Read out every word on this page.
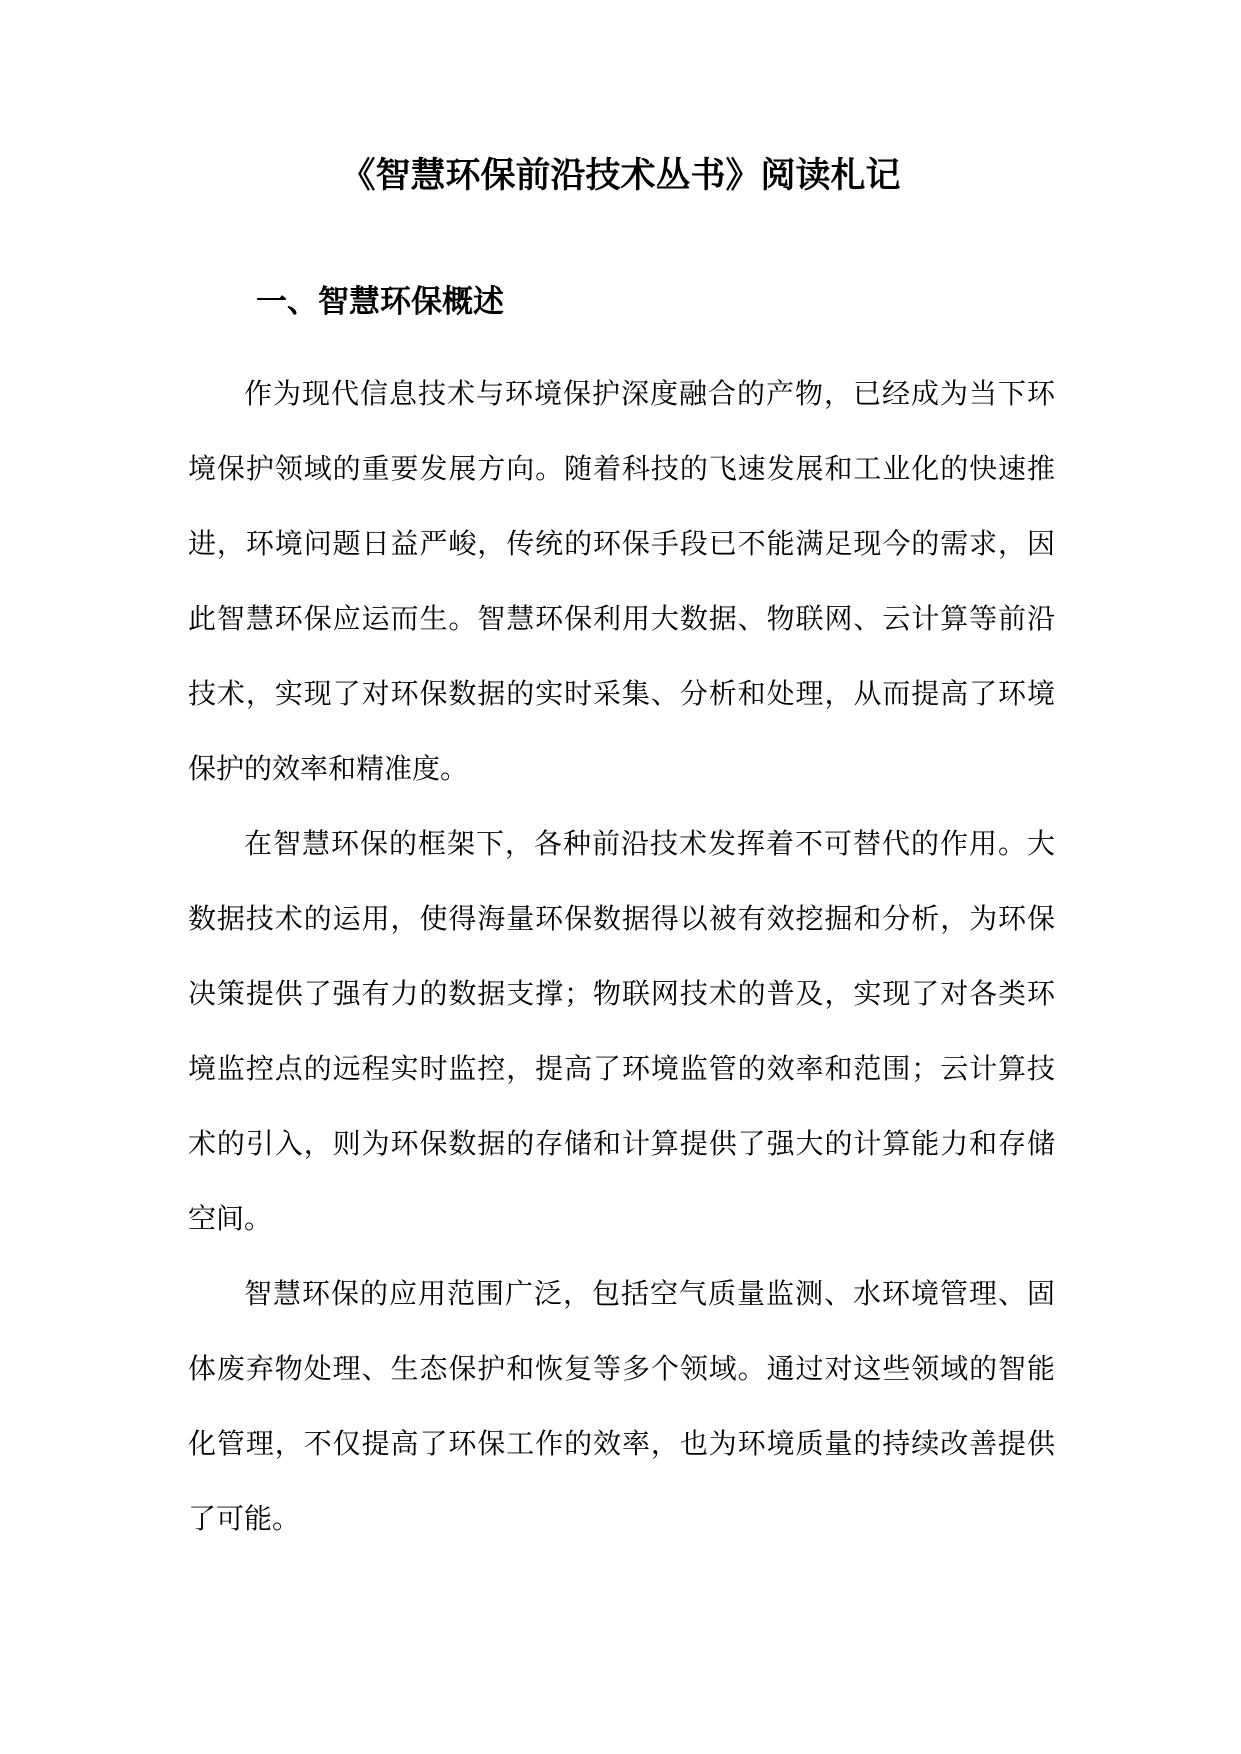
《智慧环保前沿技术丛书》阅读札记
一、智慧环保概述

作为现代信息技术与环境保护深度融合的产物，已经成为当下环境保护领域的重要发展方向。随着科技的飞速发展和工业化的快速推进，环境问题日益严峻，传统的环保手段已不能满足现今的需求，因此智慧环保应运而生。智慧环保利用大数据、物联网、云计算等前沿技术，实现了对环保数据的实时采集、分析和处理，从而提高了环境保护的效率和精准度。

在智慧环保的框架下，各种前沿技术发挥着不可替代的作用。大数据技术的运用，使得海量环保数据得以被有效挖掘和分析，为环保决策提供了强有力的数据支撑；物联网技术的普及，实现了对各类环境监控点的远程实时监控，提高了环境监管的效率和范围；云计算技术的引入，则为环保数据的存储和计算提供了强大的计算能力和存储空间。

智慧环保的应用范围广泛，包括空气质量监测、水环境管理、固体废弃物处理、生态保护和恢复等多个领域。通过对这些领域的智能化管理，不仅提高了环保工作的效率，也为环境质量的持续改善提供了可能。
